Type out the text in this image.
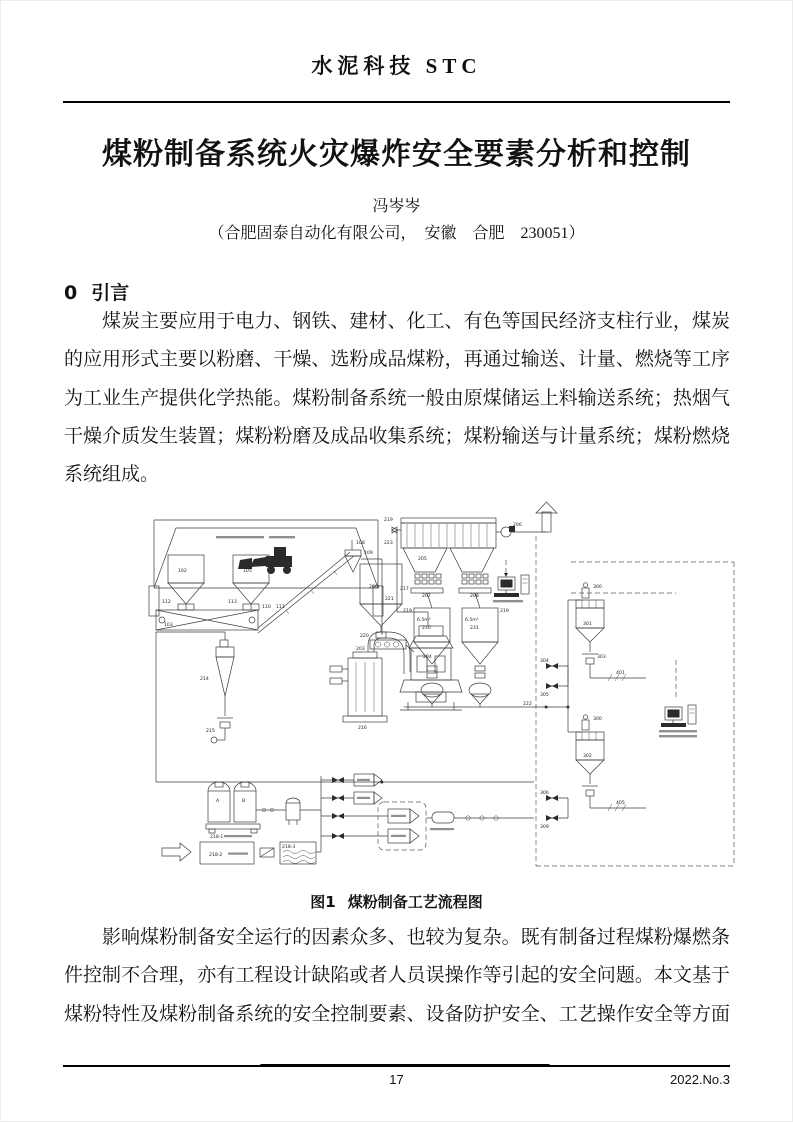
水泥科技 STC
煤粉制备系统火灾爆炸安全要素分析和控制
冯岑岑
（合肥固泰自动化有限公司，　安徽　合肥　230051）
0 引言
煤炭主要应用于电力、钢铁、建材、化工、有色等国民经济支柱行业，煤炭的应用形式主要以粉磨、干燥、选粉成品煤粉，再通过输送、计量、燃烧等工序为工业生产提供化学热能。煤粉制备系统一般由原煤储运上料输送系统；热烟气干燥介质发生装置；煤粉粉磨及成品收集系统；煤粉输送与计量系统；煤粉燃烧系统组成。
102	105
112	113
103
110 111
108
109
200t
220
203
204
214
215
216
219
223
205
217
207	208
206
221
222
6.5m³
230
6.5m³
231
219	219
300
301
303
304
305
401
300
302
306
309
405
A	B
218-1
218-2
218-3
图1 煤粉制备工艺流程图
影响煤粉制备安全运行的因素众多、也较为复杂。既有制备过程煤粉爆燃条件控制不合理，亦有工程设计缺陷或者人员误操作等引起的安全问题。本文基于煤粉特性及煤粉制备系统的安全控制要素、设备防护安全、工艺操作安全等方面
17	2022.No.3
